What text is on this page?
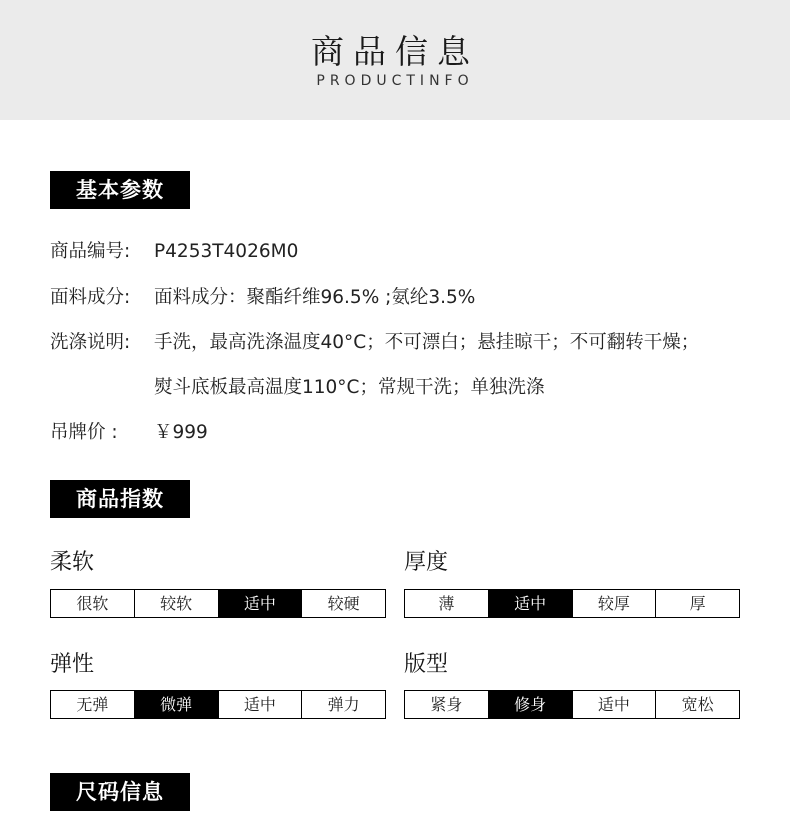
商品信息
PRODUCTINFO
基本参数
商品编号: P4253T4026M0
面料成分: 面料成分：聚酯纤维96.5% ;氨纶3.5%
洗涤说明: 手洗，最高洗涤温度40°C；不可漂白；悬挂晾干；不可翻转干燥；
熨斗底板最高温度110°C；常规干洗；单独洗涤
吊牌价 : ￥999
商品指数
柔软
很软	较软	适中	较硬
厚度
薄	适中	较厚	厚
弹性
无弹	微弹	适中	弹力
版型
紧身	修身	适中	宽松
尺码信息
